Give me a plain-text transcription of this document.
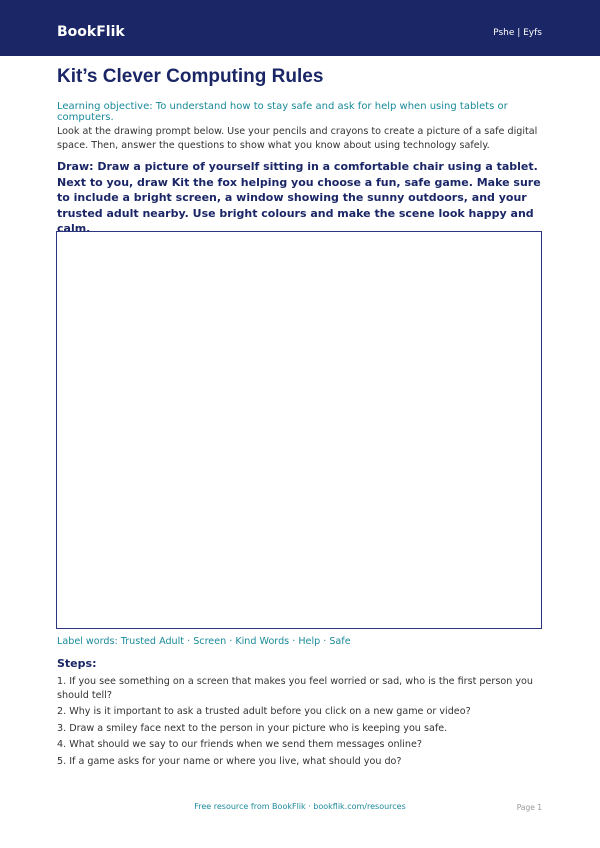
BookFlik	Pshe | Eyfs
Kit’s Clever Computing Rules
Learning objective: To understand how to stay safe and ask for help when using tablets or computers.
Look at the drawing prompt below. Use your pencils and crayons to create a picture of a safe digital space. Then, answer the questions to show what you know about using technology safely.
Draw: Draw a picture of yourself sitting in a comfortable chair using a tablet. Next to you, draw Kit the fox helping you choose a fun, safe game. Make sure to include a bright screen, a window showing the sunny outdoors, and your trusted adult nearby. Use bright colours and make the scene look happy and calm.
Label words: Trusted Adult · Screen · Kind Words · Help · Safe
Steps:
1. If you see something on a screen that makes you feel worried or sad, who is the first person you should tell?
2. Why is it important to ask a trusted adult before you click on a new game or video?
3. Draw a smiley face next to the person in your picture who is keeping you safe.
4. What should we say to our friends when we send them messages online?
5. If a game asks for your name or where you live, what should you do?
Free resource from BookFlik · bookflik.com/resources	Page 1
